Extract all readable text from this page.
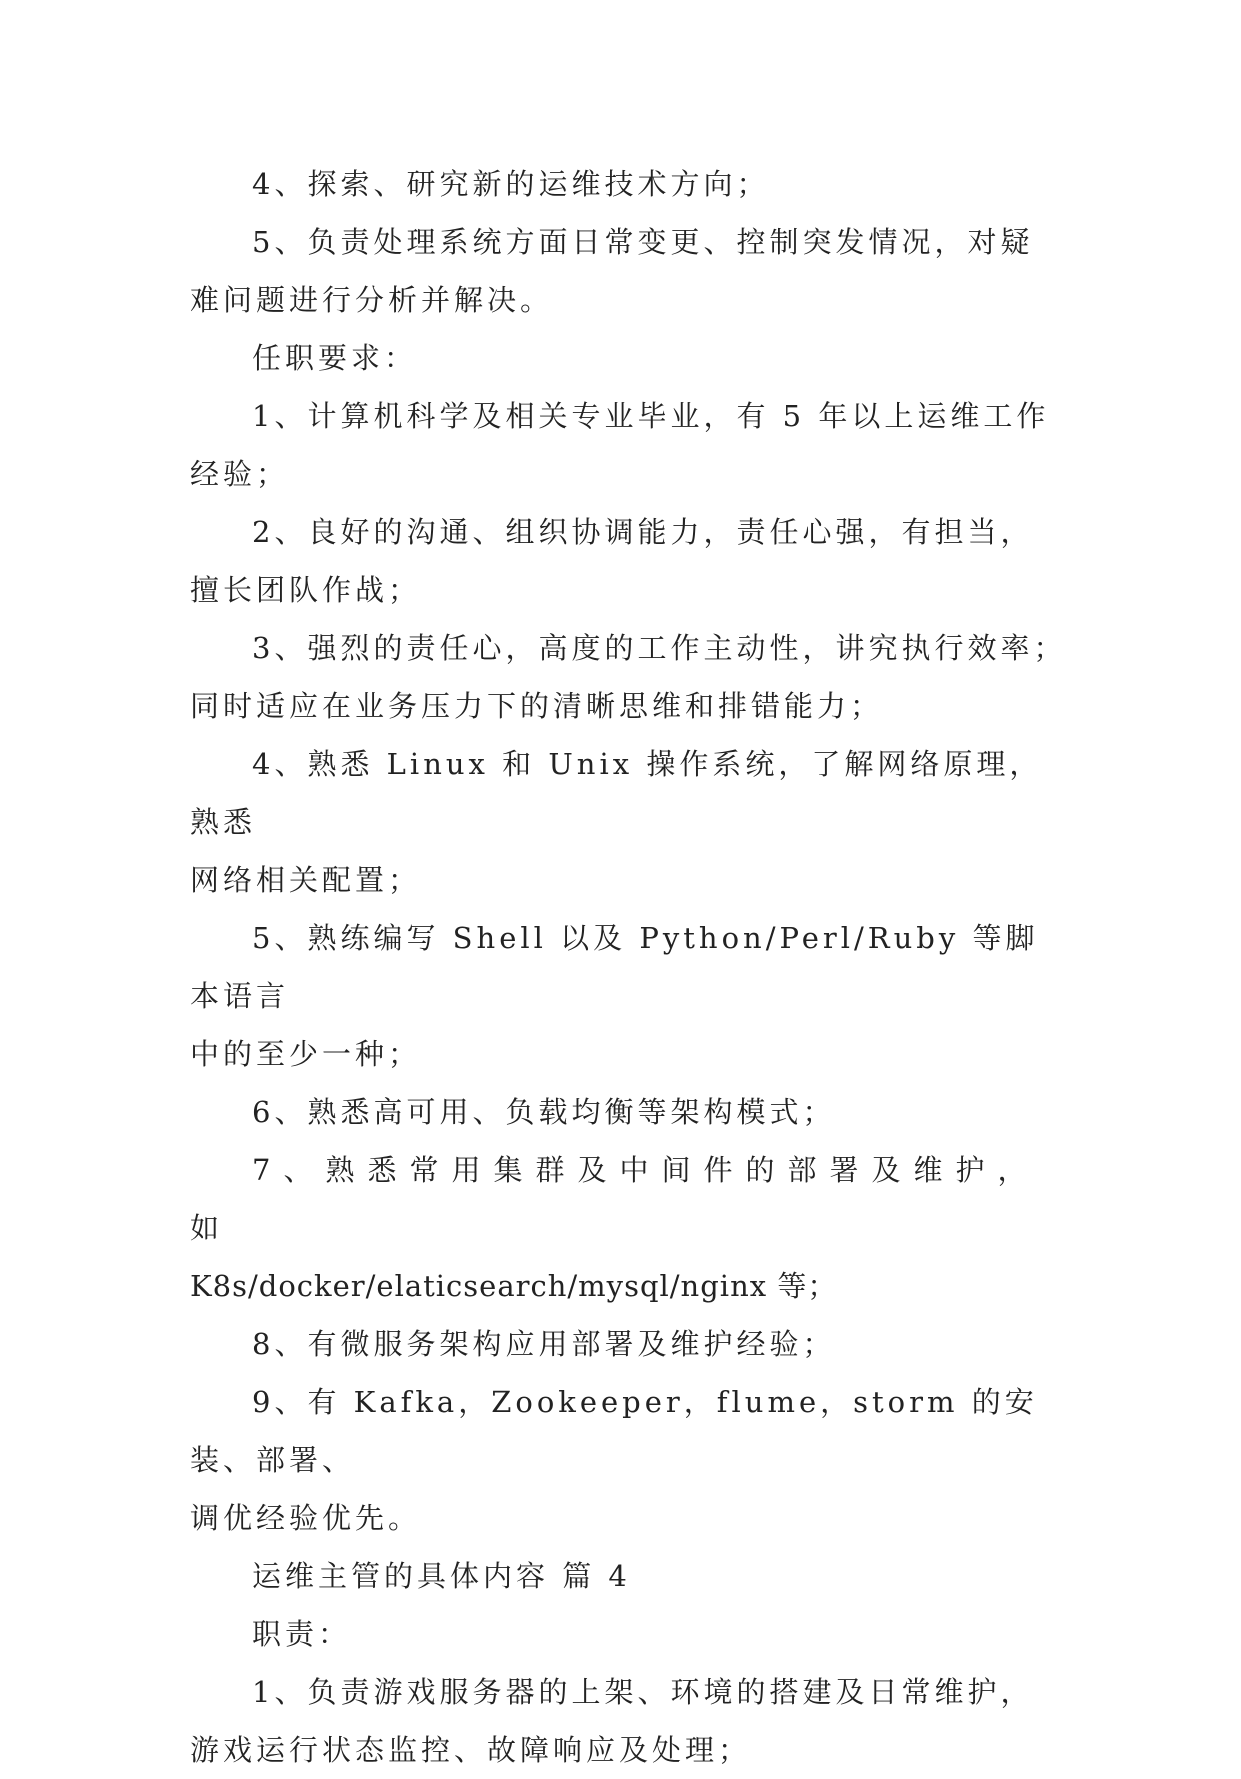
4、探索、研究新的运维技术方向；

5、负责处理系统方面日常变更、控制突发情况，对疑
难问题进行分析并解决。

任职要求：

1、计算机科学及相关专业毕业，有 5 年以上运维工作
经验；

2、良好的沟通、组织协调能力，责任心强，有担当，
擅长团队作战；

3、强烈的责任心，高度的工作主动性，讲究执行效率；
同时适应在业务压力下的清晰思维和排错能力；

4、熟悉 Linux 和 Unix 操作系统，了解网络原理，熟悉
网络相关配置；

5、熟练编写 Shell 以及 Python/Perl/Ruby 等脚本语言
中的至少一种；

6、熟悉高可用、负载均衡等架构模式；

7、熟悉常用集群及中间件的部署及维护，如
K8s/docker/elaticsearch/mysql/nginx 等；

8、有微服务架构应用部署及维护经验；

9、有 Kafka，Zookeeper，flume，storm 的安装、部署、
调优经验优先。

运维主管的具体内容 篇 4

职责：

1、负责游戏服务器的上架、环境的搭建及日常维护，
游戏运行状态监控、故障响应及处理；
